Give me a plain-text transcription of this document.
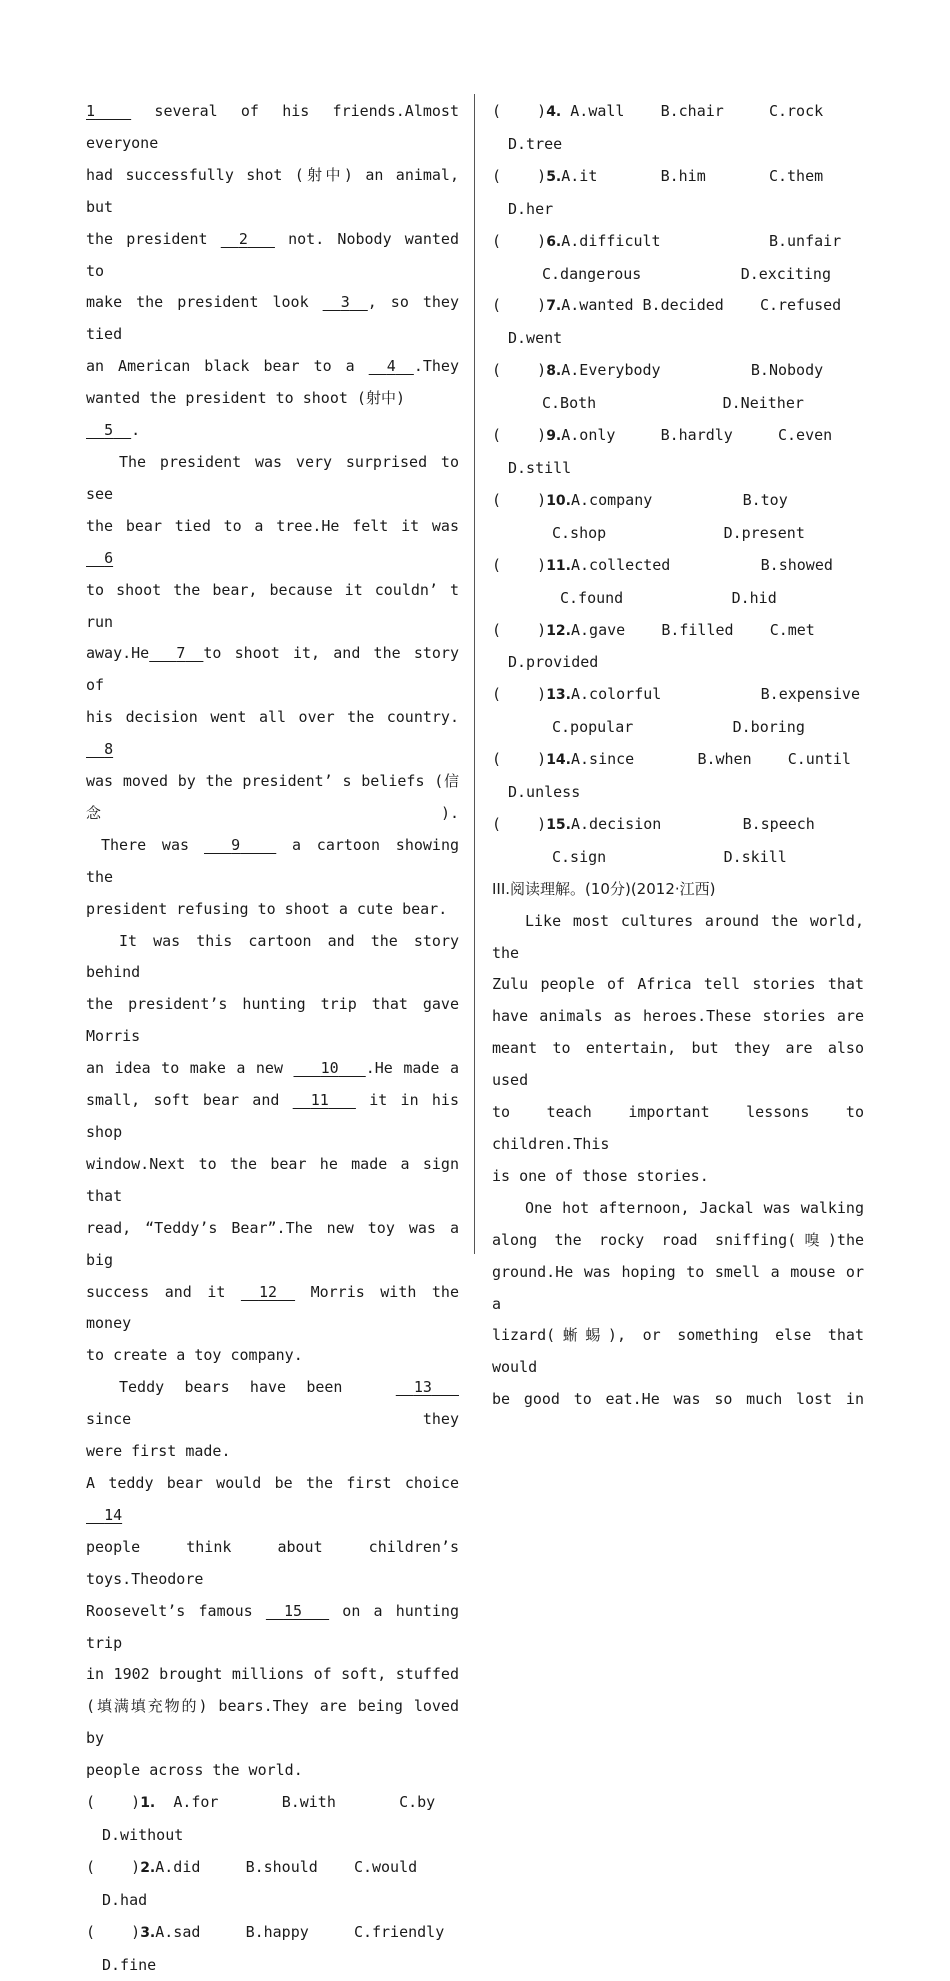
1     several of his friends.Almost everyone
had successfully shot (射中) an animal, but
the president   2    not. Nobody wanted to
make the president look   3 , so they tied
an American black bear to a   4 .They
wanted the president to shoot (射中)   5 .
The president was very surprised to see
the bear tied to a tree.He felt it was   6
to shoot the bear, because it couldn’ t run
away.He 7 to shoot it, and the story of
his decision went all over the country.   8
was moved by the president’ s beliefs (信念).
There was	9     a cartoon showing the
president refusing to shoot a cute bear.
It was this cartoon and the story behind
the president’s hunting trip that gave Morris
an idea to make a new    10 .He made a
small, soft bear and   11    it in his shop
window.Next to the bear he made a sign that
read, “Teddy’s Bear”.The new toy was a big
success and it   12   Morris with the money
to create a toy company.
Teddy bears have been	13    since they
were first made.
A teddy bear would be the first choice   14
people think about children’s toys.Theodore
Roosevelt’s famous   15    on a hunting trip
in 1902 brought millions of soft, stuffed
(填满填充物的) bears.They are being loved by
people across the world.
(    )1. A.for	B.with	C.by
D.without
(    )2.A.did	B.should C.would
D.had
(    )3.A.sad	B.happy	C.friendly
D.fine
(    )4. A.wall B.chair	C.rock
D.tree
(    )5.A.it	B.him	C.them
D.her
(    )6.A.difficult	B.unfair
C.dangerous	D.exciting
(    )7.A.wanted B.decided C.refused
D.went
(    )8.A.Everybody	B.Nobody
C.Both	D.Neither
(    )9.A.only	B.hardly	C.even
D.still
(    )10.A.company	B.toy
C.shop	D.present
(    )11.A.collected	B.showed
C.found	D.hid
(    )12.A.gave B.filled C.met
D.provided
(    )13.A.colorful	B.expensive
C.popular	D.boring
(    )14.A.since	B.when C.until
D.unless
(    )15.A.decision	B.speech
C.sign	D.skill
III.阅读理解。(10分)(2012·江西)
Like most cultures around the world, the
Zulu people of Africa tell stories that
have animals as heroes.These stories are
meant to entertain, but they are also used
to teach important lessons to children.This
is one of those stories.
One hot afternoon, Jackal was walking
along the rocky road sniffing(嗅)the
ground.He was hoping to smell a mouse or a
lizard(蜥蜴), or something else that would
be good to eat.He was so much lost in
